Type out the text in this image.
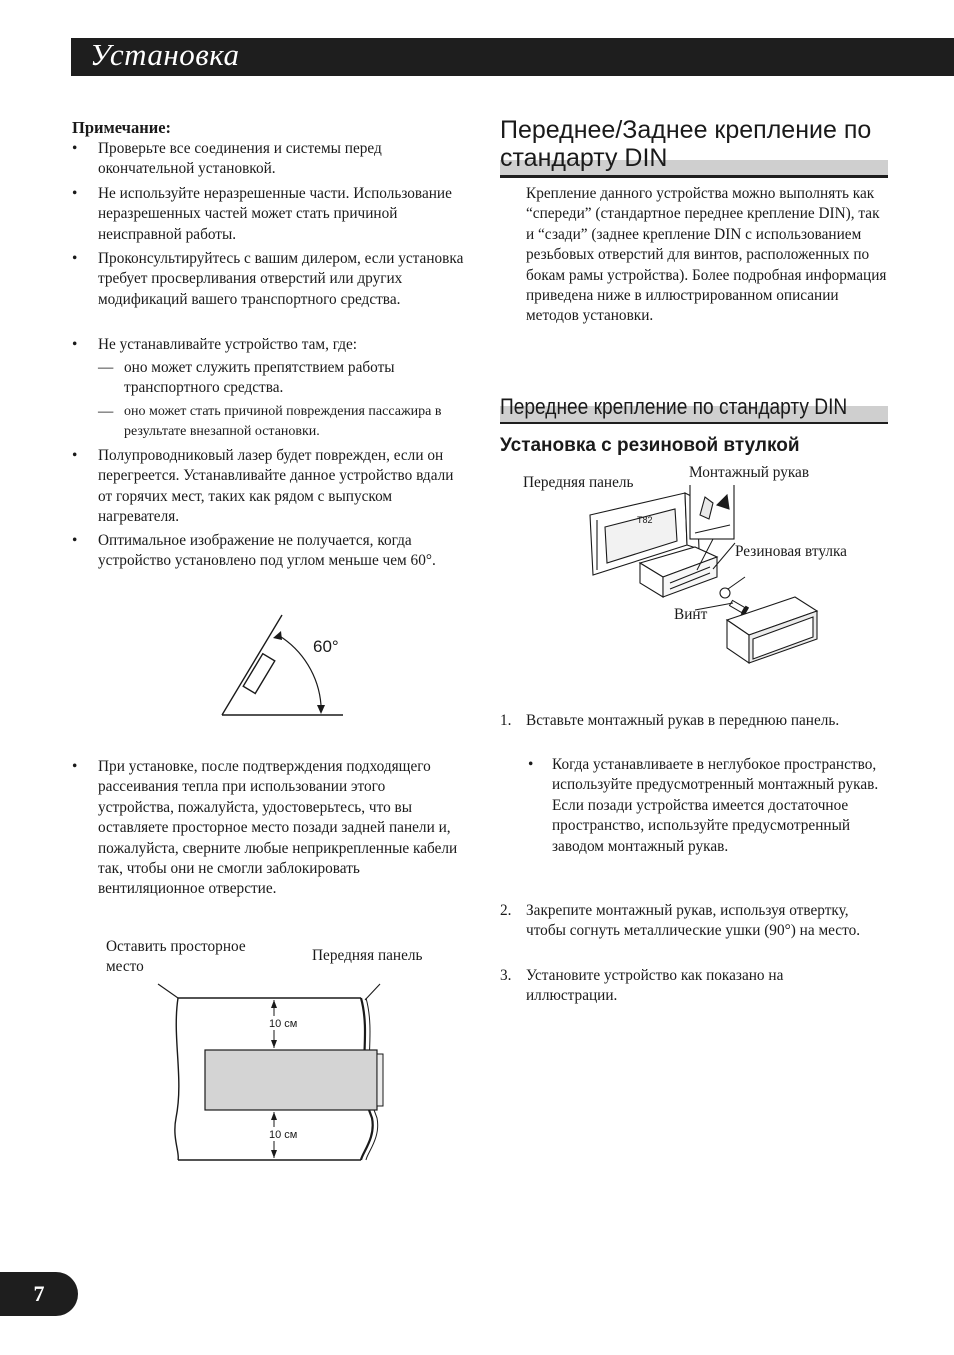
Установка
Примечание:
• Проверьте все соединения и системы перед окончательной установкой.
• Не используйте неразрешенные части. Использование неразрешенных частей может стать причиной неисправной работы.
• Проконсультируйтесь с вашим дилером, если установка требует просверливания отверстий или других модификаций вашего транспортного средства.
• Не устанавливайте устройство там, где:
— оно может служить препятствием работы транспортного средства.
— оно может стать причиной повреждения пассажира в результате внезапной остановки.
• Полупроводниковый лазер будет поврежден, если он перегреется. Устанавливайте данное устройство вдали от горячих мест, таких как рядом с выпуском нагревателя.
• Оптимальное изображение не получается, когда устройство установлено под углом меньше чем 60°.
60°
• При установке, после подтверждения подходящего рассеивания тепла при использовании этого устройства, пожалуйста, удостоверьтесь, что вы оставляете просторное место позади задней панели и, пожалуйста, сверните любые неприкрепленные кабели так, чтобы они не смогли заблокировать вентиляционное отверстие.
Оставить просторное место
Передняя панель
10 см
10 см
Переднее/Заднее крепление по стандарту DIN
Крепление данного устройства можно выполнять как “спереди” (стандартное переднее крепление DIN), так и “сзади” (заднее крепление DIN с использованием резьбовых отверстий для винтов, расположенных по бокам рамы устройства). Более подробная информация приведена ниже в иллюстрированном описании методов установки.
Переднее крепление по стандарту DIN
Установка с резиновой втулкой
Передняя панель
Монтажный рукав
Резиновая втулка
Винт
T82
1. Вставьте монтажный рукав в переднюю панель.
• Когда устанавливаете в неглубокое пространство, используйте предусмотренный монтажный рукав. Если позади устройства имеется достаточное пространство, используйте предусмотренный заводом монтажный рукав.
2. Закрепите монтажный рукав, используя отвертку, чтобы согнуть металлические ушки (90°) на место.
3. Установите устройство как показано на иллюстрации.
7
